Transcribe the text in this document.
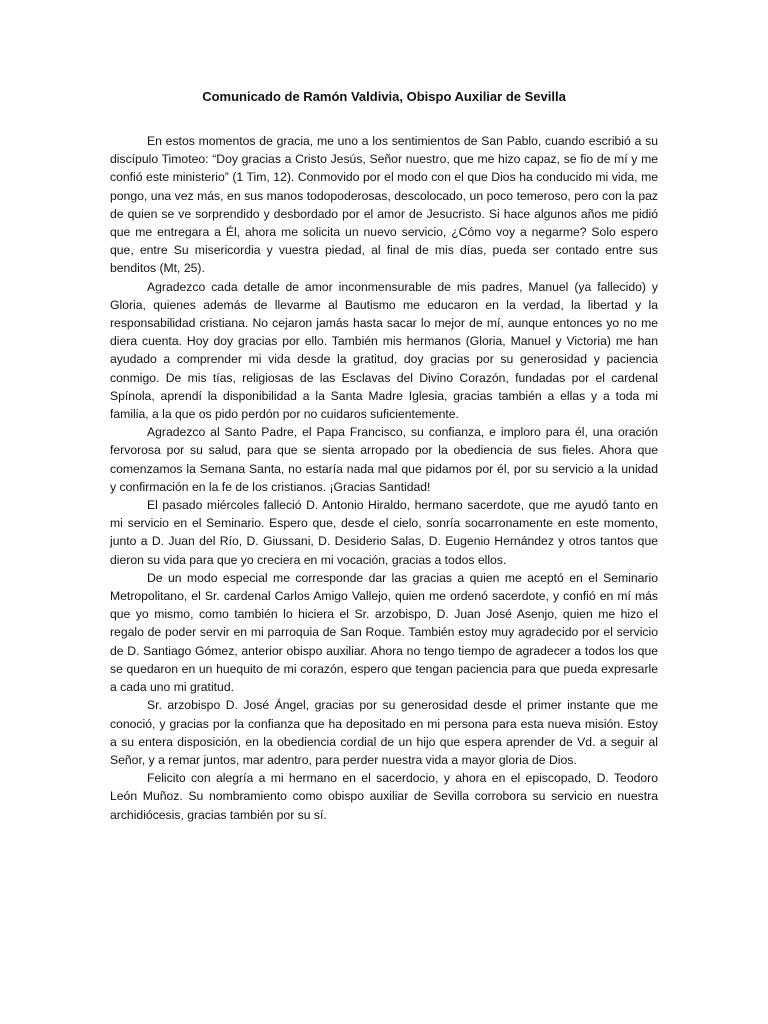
Comunicado de Ramón Valdivia, Obispo Auxiliar de Sevilla

En estos momentos de gracia, me uno a los sentimientos de San Pablo, cuando escribió a su discípulo Timoteo: “Doy gracias a Cristo Jesús, Señor nuestro, que me hizo capaz, se fio de mí y me confió este ministerio” (1 Tim, 12). Conmovido por el modo con el que Dios ha conducido mi vida, me pongo, una vez más, en sus manos todopoderosas, descolocado, un poco temeroso, pero con la paz de quien se ve sorprendido y desbordado por el amor de Jesucristo. Si hace algunos años me pidió que me entregara a Él, ahora me solicita un nuevo servicio, ¿Cómo voy a negarme? Solo espero que, entre Su misericordia y vuestra piedad, al final de mis días, pueda ser contado entre sus benditos (Mt, 25).

Agradezco cada detalle de amor inconmensurable de mis padres, Manuel (ya fallecido) y Gloria, quienes además de llevarme al Bautismo me educaron en la verdad, la libertad y la responsabilidad cristiana. No cejaron jamás hasta sacar lo mejor de mí, aunque entonces yo no me diera cuenta. Hoy doy gracias por ello. También mis hermanos (Gloria, Manuel y Victoria) me han ayudado a comprender mi vida desde la gratitud, doy gracias por su generosidad y paciencia conmigo. De mis tías, religiosas de las Esclavas del Divino Corazón, fundadas por el cardenal Spínola, aprendí la disponibilidad a la Santa Madre Iglesia, gracias también a ellas y a toda mi familia, a la que os pido perdón por no cuidaros suficientemente.

Agradezco al Santo Padre, el Papa Francisco, su confianza, e imploro para él, una oración fervorosa por su salud, para que se sienta arropado por la obediencia de sus fieles. Ahora que comenzamos la Semana Santa, no estaría nada mal que pidamos por él, por su servicio a la unidad y confirmación en la fe de los cristianos. ¡Gracias Santidad!

El pasado miércoles falleció D. Antonio Hiraldo, hermano sacerdote, que me ayudó tanto en mi servicio en el Seminario. Espero que, desde el cielo, sonría socarronamente en este momento, junto a D. Juan del Río, D. Giussani, D. Desiderio Salas, D. Eugenio Hernández y otros tantos que dieron su vida para que yo creciera en mi vocación, gracias a todos ellos.

De un modo especial me corresponde dar las gracias a quien me aceptó en el Seminario Metropolitano, el Sr. cardenal Carlos Amigo Vallejo, quien me ordenó sacerdote, y confió en mí más que yo mismo, como también lo hiciera el Sr. arzobispo, D. Juan José Asenjo, quien me hizo el regalo de poder servir en mi parroquia de San Roque. También estoy muy agradecido por el servicio de D. Santiago Gómez, anterior obispo auxiliar. Ahora no tengo tiempo de agradecer a todos los que se quedaron en un huequito de mi corazón, espero que tengan paciencia para que pueda expresarle a cada uno mi gratitud.

Sr. arzobispo D. José Ángel, gracias por su generosidad desde el primer instante que me conoció, y gracias por la confianza que ha depositado en mi persona para esta nueva misión. Estoy a su entera disposición, en la obediencia cordial de un hijo que espera aprender de Vd. a seguir al Señor, y a remar juntos, mar adentro, para perder nuestra vida a mayor gloria de Dios.

Felicito con alegría a mi hermano en el sacerdocio, y ahora en el episcopado, D. Teodoro León Muñoz. Su nombramiento como obispo auxiliar de Sevilla corrobora su servicio en nuestra archidiócesis, gracias también por su sí.
